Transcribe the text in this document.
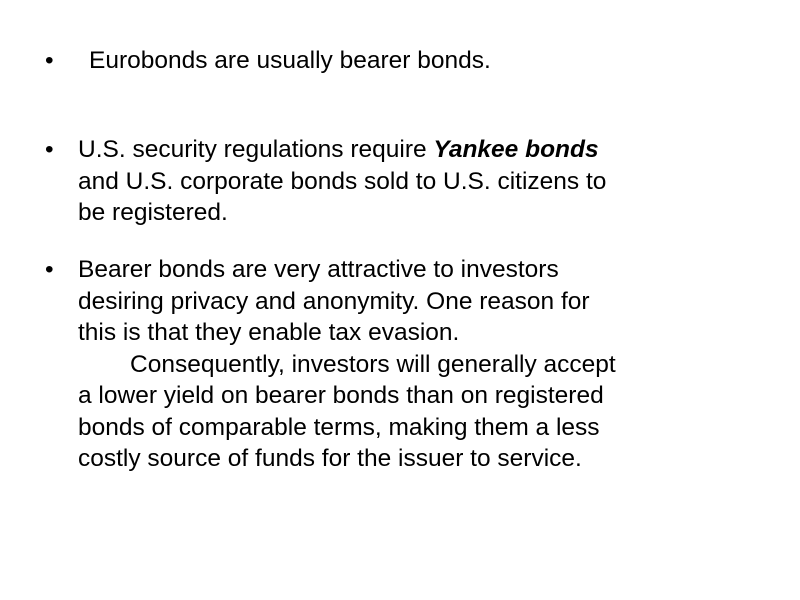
• Eurobonds are usually bearer bonds.
• U.S. security regulations require Yankee bonds
and U.S. corporate bonds sold to U.S. citizens to
be registered.
• Bearer bonds are very attractive to investors
desiring privacy and anonymity. One reason for
this is that they enable tax evasion.
Consequently, investors will generally accept
a lower yield on bearer bonds than on registered
bonds of comparable terms, making them a less
costly source of funds for the issuer to service.
